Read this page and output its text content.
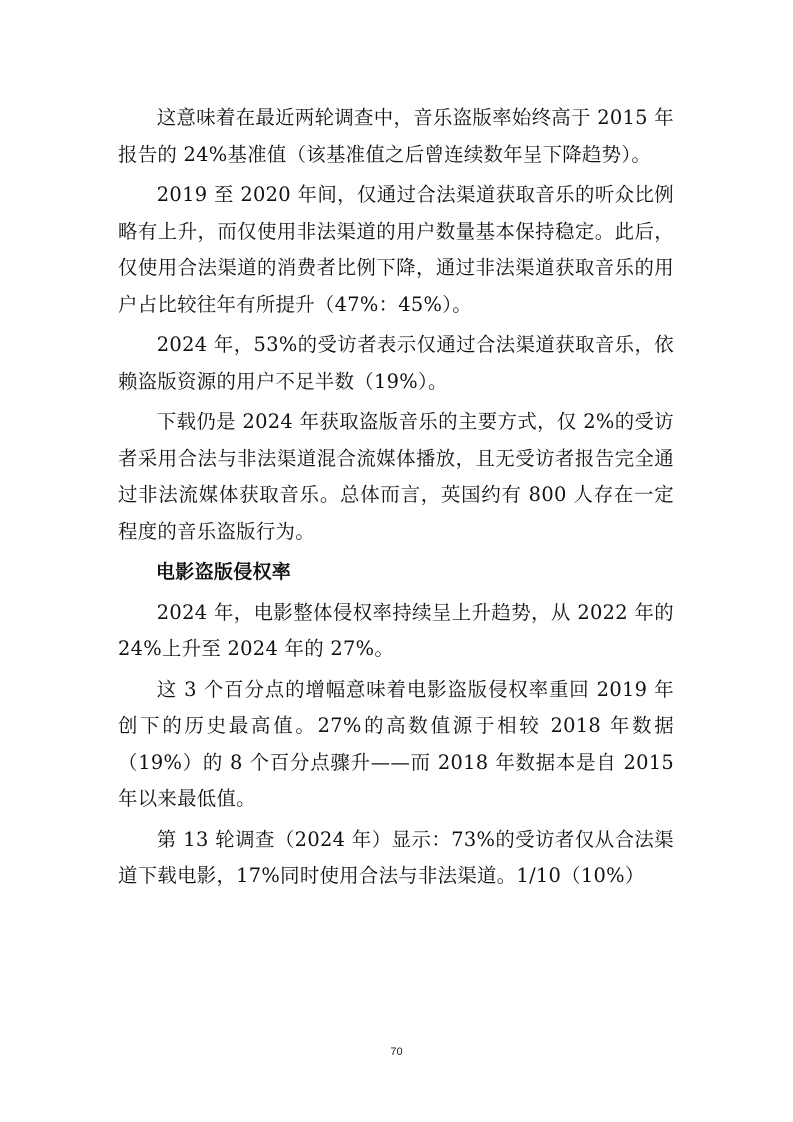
这意味着在最近两轮调查中，音乐盗版率始终高于 2015 年报告的 24%基准值（该基准值之后曾连续数年呈下降趋势）。

2019 至 2020 年间，仅通过合法渠道获取音乐的听众比例略有上升，而仅使用非法渠道的用户数量基本保持稳定。此后，仅使用合法渠道的消费者比例下降，通过非法渠道获取音乐的用户占比较往年有所提升（47%：45%）。

2024 年，53%的受访者表示仅通过合法渠道获取音乐，依赖盗版资源的用户不足半数（19%）。

下载仍是 2024 年获取盗版音乐的主要方式，仅 2%的受访者采用合法与非法渠道混合流媒体播放，且无受访者报告完全通过非法流媒体获取音乐。总体而言，英国约有 800 人存在一定程度的音乐盗版行为。

电影盗版侵权率

2024 年，电影整体侵权率持续呈上升趋势，从 2022 年的 24%上升至 2024 年的 27%。

这 3 个百分点的增幅意味着电影盗版侵权率重回 2019 年创下的历史最高值。27%的高数值源于相较 2018 年数据（19%）的 8 个百分点骤升——而 2018 年数据本是自 2015 年以来最低值。

第 13 轮调查（2024 年）显示：73%的受访者仅从合法渠道下载电影，17%同时使用合法与非法渠道。1/10（10%）

70
